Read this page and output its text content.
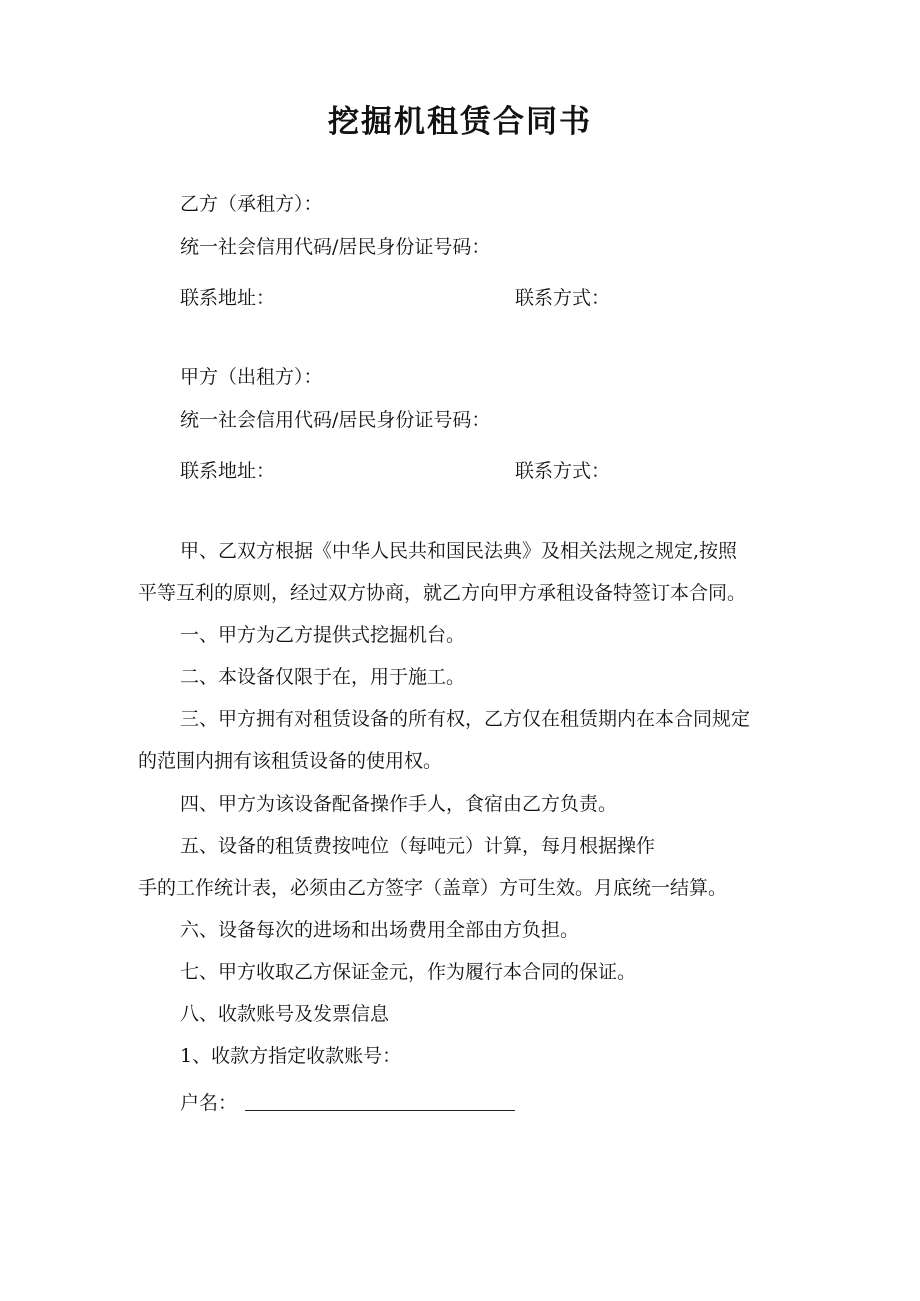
挖掘机租赁合同书
乙方（承租方）：
统一社会信用代码/居民身份证号码：
联系地址：	联系方式：
甲方（出租方）：
统一社会信用代码/居民身份证号码：
联系地址：	联系方式：
甲、乙双方根据《中华人民共和国民法典》及相关法规之规定,按照
平等互利的原则，经过双方协商，就乙方向甲方承租设备特签订本合同。
一、甲方为乙方提供式挖掘机台。
二、本设备仅限于在，用于施工。
三、甲方拥有对租赁设备的所有权，乙方仅在租赁期内在本合同规定
的范围内拥有该租赁设备的使用权。
四、甲方为该设备配备操作手人，食宿由乙方负责。
五、设备的租赁费按吨位（每吨元）计算，每月根据操作
手的工作统计表，必须由乙方签字（盖章）方可生效。月底统一结算。
六、设备每次的进场和出场费用全部由方负担。
七、甲方收取乙方保证金元，作为履行本合同的保证。
八、收款账号及发票信息
1、收款方指定收款账号：
户名：
